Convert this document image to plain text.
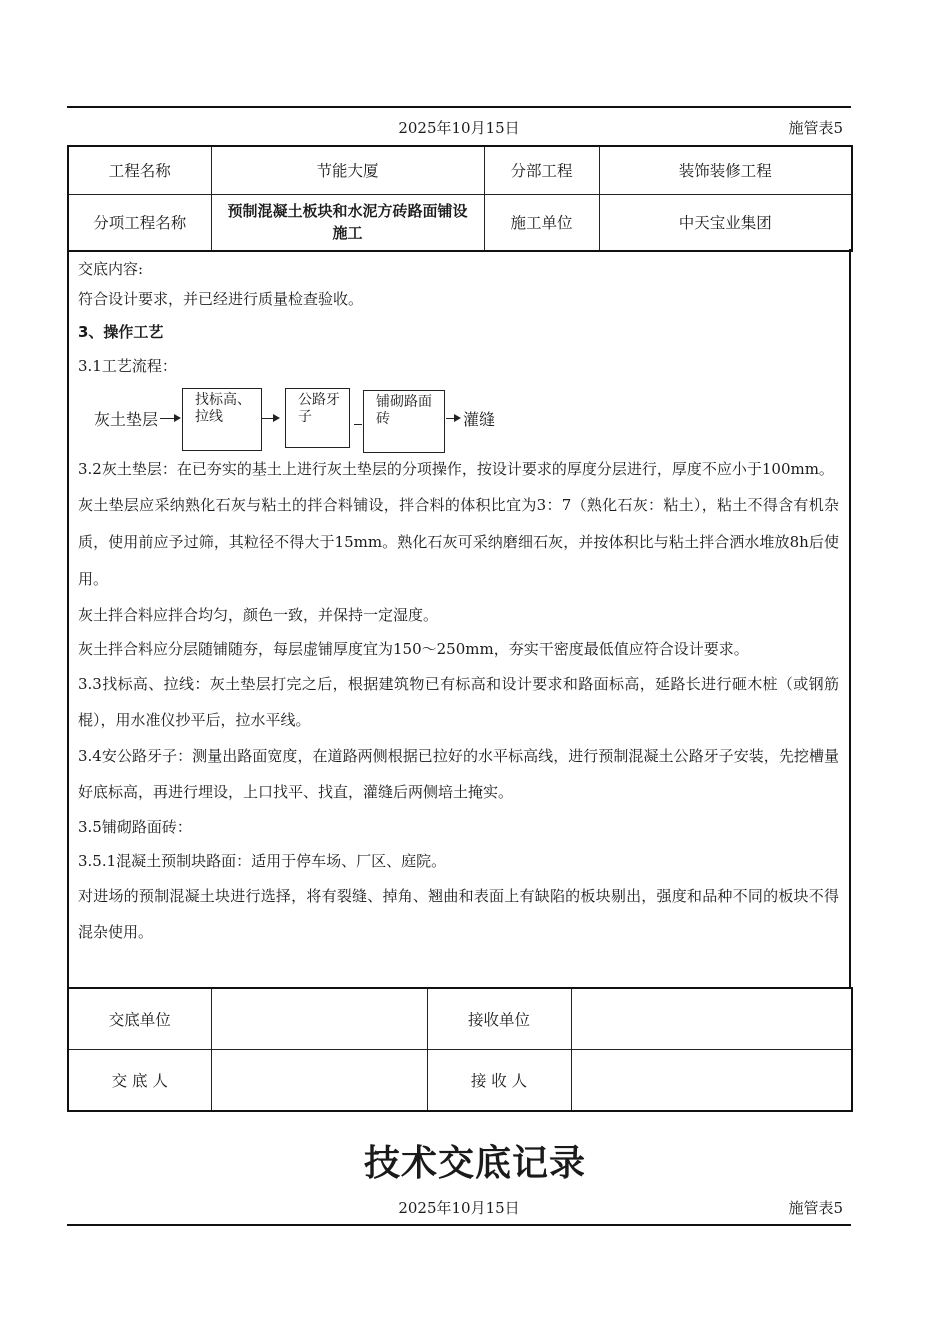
2025年10月15日	施管表5
工程名称	节能大厦	分部工程	装饰装修工程
分项工程名称	预制混凝土板块和水泥方砖路面铺设施工	施工单位	中天宝业集团

交底内容:

符合设计要求，并已经进行质量检查验收。

3、操作工艺

3.1工艺流程：

灰土垫层
找标高、拉线
公路牙子
铺砌路面砖	灌缝

3.2灰土垫层：在已夯实的基土上进行灰土垫层的分项操作，按设计要求的厚度分层进行，厚度不应小于100mm。

灰土垫层应采纳熟化石灰与粘土的拌合料铺设，拌合料的体积比宜为3：7（熟化石灰：粘土），粘土不得含有机杂质，使用前应予过筛，其粒径不得大于15mm。熟化石灰可采纳磨细石灰，并按体积比与粘土拌合洒水堆放8h后使用。

灰土拌合料应拌合均匀，颜色一致，并保持一定湿度。

灰土拌合料应分层随铺随夯，每层虚铺厚度宜为150～250mm，夯实干密度最低值应符合设计要求。

3.3找标高、拉线：灰土垫层打完之后，根据建筑物已有标高和设计要求和路面标高，延路长进行砸木桩（或钢筋棍），用水准仪抄平后，拉水平线。

3.4安公路牙子：测量出路面宽度，在道路两侧根据已拉好的水平标高线，进行预制混凝土公路牙子安装，先挖槽量好底标高，再进行埋设，上口找平、找直，灌缝后两侧培土掩实。

3.5铺砌路面砖：

3.5.1混凝土预制块路面：适用于停车场、厂区、庭院。

对进场的预制混凝土块进行选择，将有裂缝、掉角、翘曲和表面上有缺陷的板块剔出，强度和品种不同的板块不得混杂使用。

交底单位		接收单位	
交 底 人		接 收 人	
技术交底记录
2025年10月15日	施管表5
